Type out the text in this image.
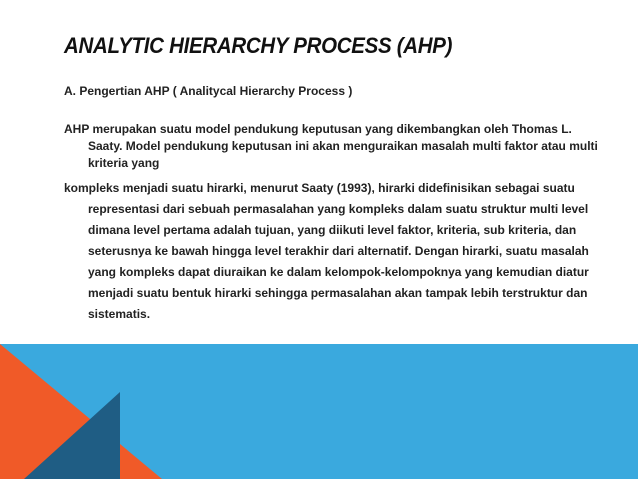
ANALYTIC HIERARCHY PROCESS (AHP)

A. Pengertian AHP ( Analitycal Hierarchy Process )

AHP merupakan suatu model pendukung keputusan yang dikembangkan oleh Thomas L. Saaty. Model pendukung keputusan ini akan menguraikan masalah multi faktor atau multi kriteria yang

kompleks menjadi suatu hirarki, menurut Saaty (1993), hirarki didefinisikan sebagai suatu representasi dari sebuah permasalahan yang kompleks dalam suatu struktur multi level dimana level pertama adalah tujuan, yang diikuti level faktor, kriteria, sub kriteria, dan seterusnya ke bawah hingga level terakhir dari alternatif. Dengan hirarki, suatu masalah yang kompleks dapat diuraikan ke dalam kelompok-kelompoknya yang kemudian diatur menjadi suatu bentuk hirarki sehingga permasalahan akan tampak lebih terstruktur dan sistematis.
